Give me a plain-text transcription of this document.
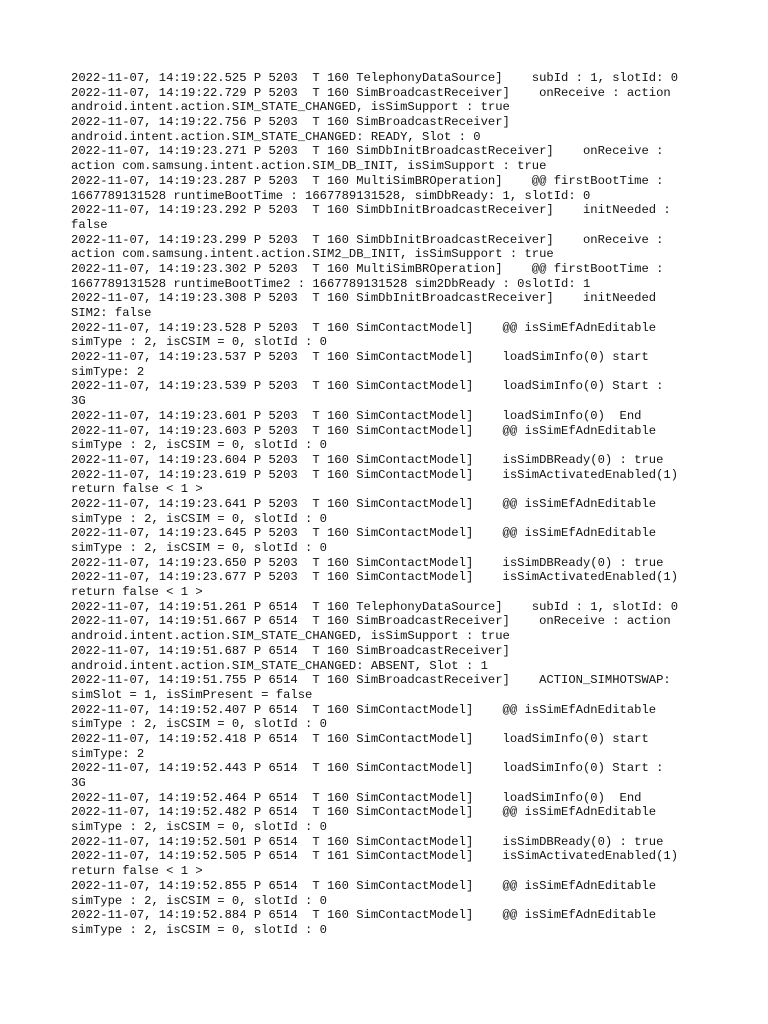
2022-11-07, 14:19:22.525 P 5203  T 160 TelephonyDataSource]    subId : 1, slotId: 0
2022-11-07, 14:19:22.729 P 5203  T 160 SimBroadcastReceiver]    onReceive : action
android.intent.action.SIM_STATE_CHANGED, isSimSupport : true
2022-11-07, 14:19:22.756 P 5203  T 160 SimBroadcastReceiver]
android.intent.action.SIM_STATE_CHANGED: READY, Slot : 0
2022-11-07, 14:19:23.271 P 5203  T 160 SimDbInitBroadcastReceiver]    onReceive :
action com.samsung.intent.action.SIM_DB_INIT, isSimSupport : true
2022-11-07, 14:19:23.287 P 5203  T 160 MultiSimBROperation]    @@ firstBootTime :
1667789131528 runtimeBootTime : 1667789131528, simDbReady: 1, slotId: 0
2022-11-07, 14:19:23.292 P 5203  T 160 SimDbInitBroadcastReceiver]    initNeeded :
false
2022-11-07, 14:19:23.299 P 5203  T 160 SimDbInitBroadcastReceiver]    onReceive :
action com.samsung.intent.action.SIM2_DB_INIT, isSimSupport : true
2022-11-07, 14:19:23.302 P 5203  T 160 MultiSimBROperation]    @@ firstBootTime :
1667789131528 runtimeBootTime2 : 1667789131528 sim2DbReady : 0slotId: 1
2022-11-07, 14:19:23.308 P 5203  T 160 SimDbInitBroadcastReceiver]    initNeeded
SIM2: false
2022-11-07, 14:19:23.528 P 5203  T 160 SimContactModel]    @@ isSimEfAdnEditable
simType : 2, isCSIM = 0, slotId : 0
2022-11-07, 14:19:23.537 P 5203  T 160 SimContactModel]    loadSimInfo(0) start
simType: 2
2022-11-07, 14:19:23.539 P 5203  T 160 SimContactModel]    loadSimInfo(0) Start :
3G
2022-11-07, 14:19:23.601 P 5203  T 160 SimContactModel]    loadSimInfo(0)  End
2022-11-07, 14:19:23.603 P 5203  T 160 SimContactModel]    @@ isSimEfAdnEditable
simType : 2, isCSIM = 0, slotId : 0
2022-11-07, 14:19:23.604 P 5203  T 160 SimContactModel]    isSimDBReady(0) : true
2022-11-07, 14:19:23.619 P 5203  T 160 SimContactModel]    isSimActivatedEnabled(1)
return false < 1 >
2022-11-07, 14:19:23.641 P 5203  T 160 SimContactModel]    @@ isSimEfAdnEditable
simType : 2, isCSIM = 0, slotId : 0
2022-11-07, 14:19:23.645 P 5203  T 160 SimContactModel]    @@ isSimEfAdnEditable
simType : 2, isCSIM = 0, slotId : 0
2022-11-07, 14:19:23.650 P 5203  T 160 SimContactModel]    isSimDBReady(0) : true
2022-11-07, 14:19:23.677 P 5203  T 160 SimContactModel]    isSimActivatedEnabled(1)
return false < 1 >
2022-11-07, 14:19:51.261 P 6514  T 160 TelephonyDataSource]    subId : 1, slotId: 0
2022-11-07, 14:19:51.667 P 6514  T 160 SimBroadcastReceiver]    onReceive : action
android.intent.action.SIM_STATE_CHANGED, isSimSupport : true
2022-11-07, 14:19:51.687 P 6514  T 160 SimBroadcastReceiver]
android.intent.action.SIM_STATE_CHANGED: ABSENT, Slot : 1
2022-11-07, 14:19:51.755 P 6514  T 160 SimBroadcastReceiver]    ACTION_SIMHOTSWAP:
simSlot = 1, isSimPresent = false
2022-11-07, 14:19:52.407 P 6514  T 160 SimContactModel]    @@ isSimEfAdnEditable
simType : 2, isCSIM = 0, slotId : 0
2022-11-07, 14:19:52.418 P 6514  T 160 SimContactModel]    loadSimInfo(0) start
simType: 2
2022-11-07, 14:19:52.443 P 6514  T 160 SimContactModel]    loadSimInfo(0) Start :
3G
2022-11-07, 14:19:52.464 P 6514  T 160 SimContactModel]    loadSimInfo(0)  End
2022-11-07, 14:19:52.482 P 6514  T 160 SimContactModel]    @@ isSimEfAdnEditable
simType : 2, isCSIM = 0, slotId : 0
2022-11-07, 14:19:52.501 P 6514  T 160 SimContactModel]    isSimDBReady(0) : true
2022-11-07, 14:19:52.505 P 6514  T 161 SimContactModel]    isSimActivatedEnabled(1)
return false < 1 >
2022-11-07, 14:19:52.855 P 6514  T 160 SimContactModel]    @@ isSimEfAdnEditable
simType : 2, isCSIM = 0, slotId : 0
2022-11-07, 14:19:52.884 P 6514  T 160 SimContactModel]    @@ isSimEfAdnEditable
simType : 2, isCSIM = 0, slotId : 0
